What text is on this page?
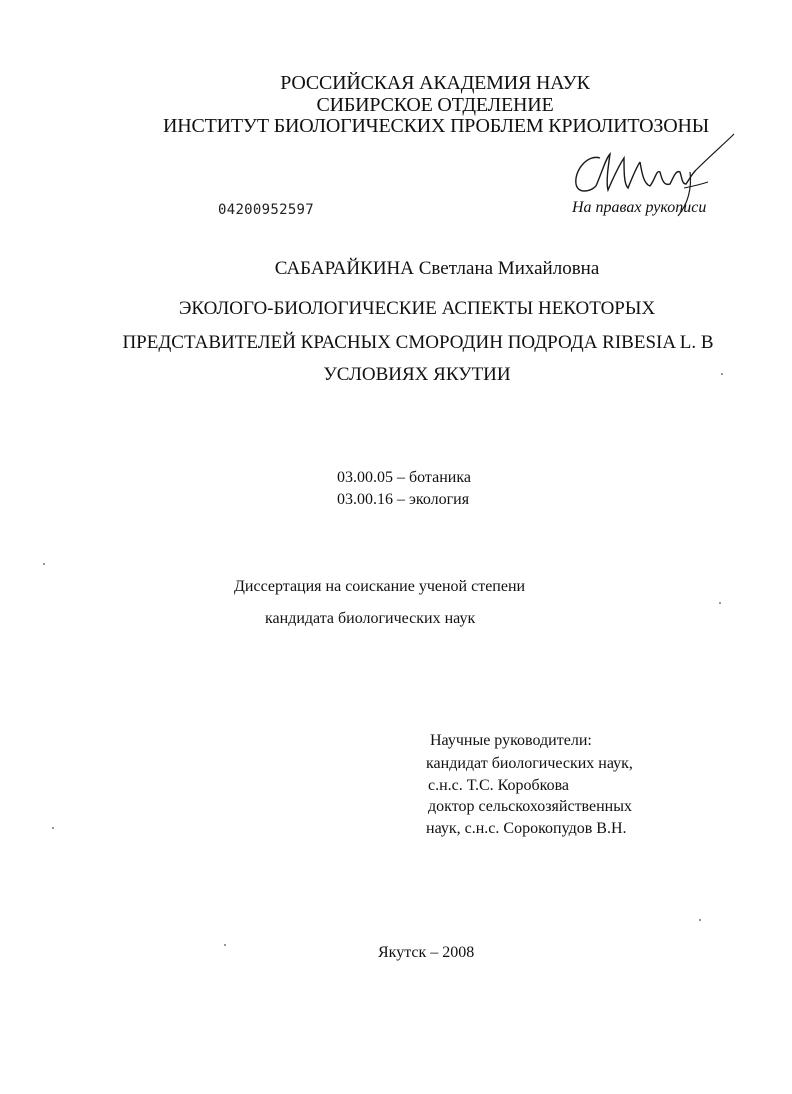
РОССИЙСКАЯ АКАДЕМИЯ НАУК
СИБИРСКОЕ ОТДЕЛЕНИЕ
ИНСТИТУТ БИОЛОГИЧЕСКИХ ПРОБЛЕМ КРИОЛИТОЗОНЫ
04200952597	На правах рукописи
САБАРАЙКИНА Светлана Михайловна
ЭКОЛОГО-БИОЛОГИЧЕСКИЕ АСПЕКТЫ НЕКОТОРЫХ
ПРЕДСТАВИТЕЛЕЙ КРАСНЫХ СМОРОДИН ПОДРОДА RIBESIA L. В
УСЛОВИЯХ ЯКУТИИ
03.00.05 – ботаника
03.00.16 – экология
Диссертация на соискание ученой степени
кандидата биологических наук
Научные руководители:
кандидат биологических наук,
с.н.с. Т.С. Коробкова
доктор сельскохозяйственных
наук, с.н.с. Сорокопудов В.Н.
Якутск – 2008
